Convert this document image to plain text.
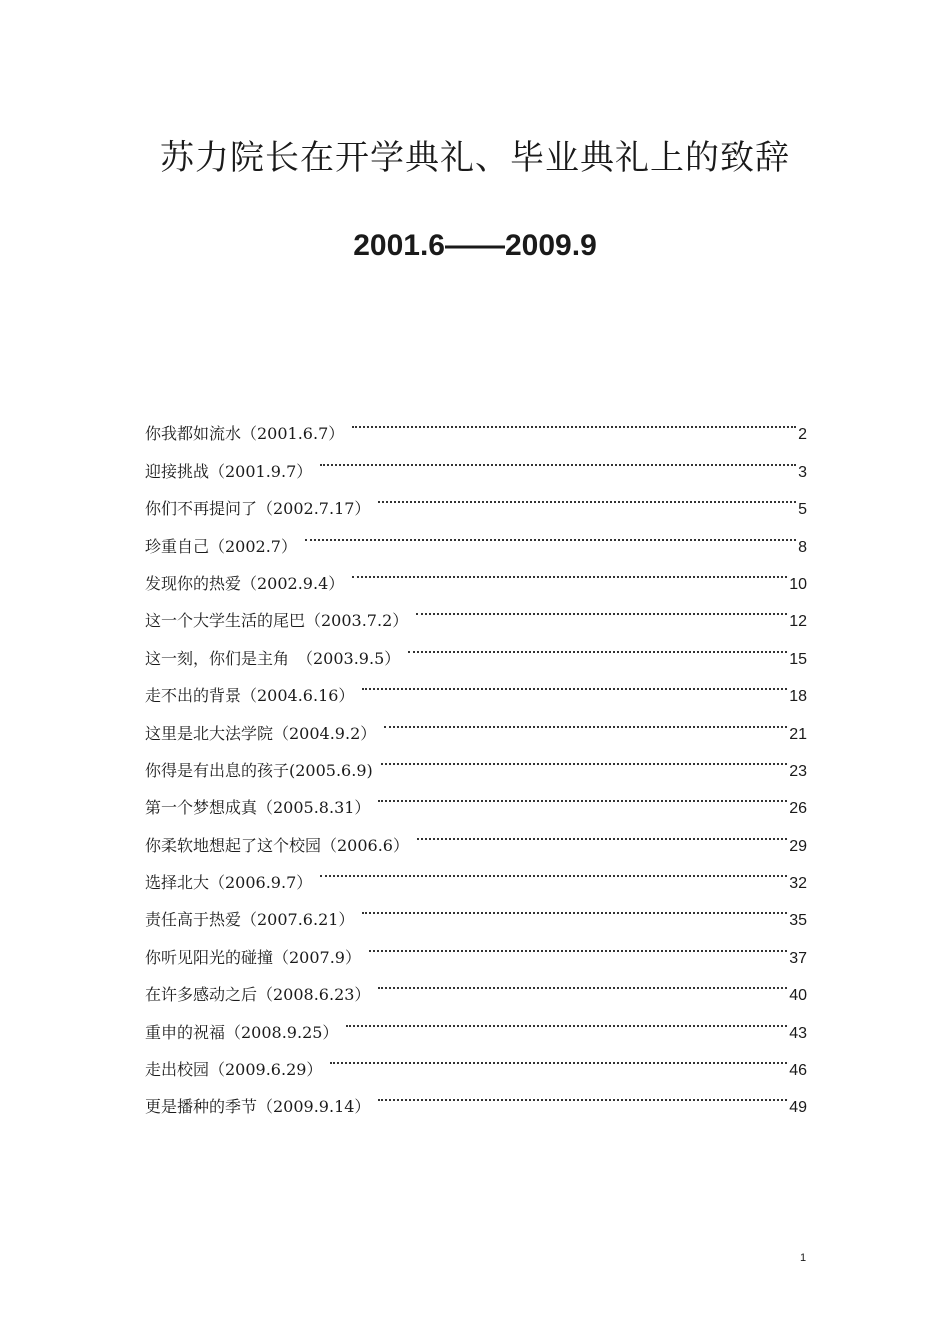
苏力院长在开学典礼、毕业典礼上的致辞
2001.6——2009.9
你我都如流水（2001.6.7）	2
迎接挑战（2001.9.7）	3
你们不再提问了（2002.7.17）	5
珍重自己（2002.7）	8
发现你的热爱（2002.9.4）	10
这一个大学生活的尾巴（2003.7.2）	12
这一刻，你们是主角　（2003.9.5）	15
走不出的背景（2004.6.16）	18
这里是北大法学院（2004.9.2）	21
你得是有出息的孩子(2005.6.9)	23
第一个梦想成真（2005.8.31）	26
你柔软地想起了这个校园（2006.6）	29
选择北大（2006.9.7）	32
责任高于热爱（2007.6.21）	35
你听见阳光的碰撞（2007.9）	37
在许多感动之后（2008.6.23）	40
重申的祝福（2008.9.25）	43
走出校园（2009.6.29）	46
更是播种的季节（2009.9.14）	49
1
